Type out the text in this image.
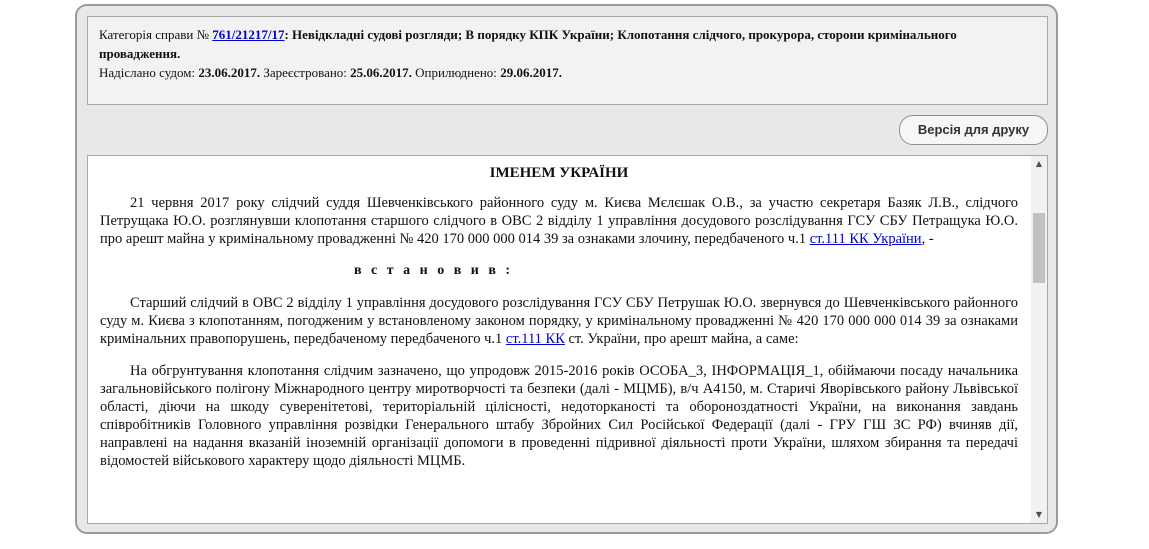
Категорія справи № 761/21217/17: Невідкладні судові розгляди; В порядку КПК України; Клопотання слідчого, прокурора, сторони кримінального провадження.

Надіслано судом: 23.06.2017. Зареєстровано: 25.06.2017. Оприлюднено: 29.06.2017.

Версія для друку
ІМЕНЕМ УКРАЇНИ

21 червня 2017 року слідчий суддя Шевченківського районного суду м. Києва Мєлєшак О.В., за участю секретаря Базяк Л.В., слідчого Петрущака Ю.О. розглянувши клопотання старшого слідчого в ОВС 2 відділу 1 управління досудового розслідування ГСУ СБУ Петращука Ю.О. про арешт майна у кримінальному провадженні № 420 170 000 000 014 39 за ознаками злочину, передбаченого ч.1 ст.111 КК України, -

в с т а н о в и в :

Старший слідчий в ОВС 2 відділу 1 управління досудового розслідування ГСУ СБУ Петрушак Ю.О. звернувся до Шевченківського районного суду м. Києва з клопотанням, погодженим у встановленому законом порядку, у кримінальному провадженні № 420 170 000 000 014 39 за ознаками кримінальних правопорушень, передбаченому передбаченого ч.1 ст.111 КК ст. України, про арешт майна, а саме:

На обгрунтування клопотання слідчим зазначено, що упродовж 2015-2016 років ОСОБА_3, ІНФОРМАЦІЯ_1, обіймаючи посаду начальника загальновійського полігону Міжнародного центру миротворчості та безпеки (далі - МЦМБ), в/ч А4150, м. Старичі Яворівського району Львівської області, діючи на шкоду суверенітетові, територіальній цілісності, недоторканості та обороноздатності України, на виконання завдань співробітників Головного управління розвідки Генерального штабу Збройних Сил Російської Федерації (далі - ГРУ ГШ ЗС РФ) вчиняв дії, направлені на надання вказаній іноземній організації допомоги в проведенні підривної діяльності проти України, шляхом збирання та передачі відомостей військового характеру щодо діяльності МЦМБ.

▲
▼
